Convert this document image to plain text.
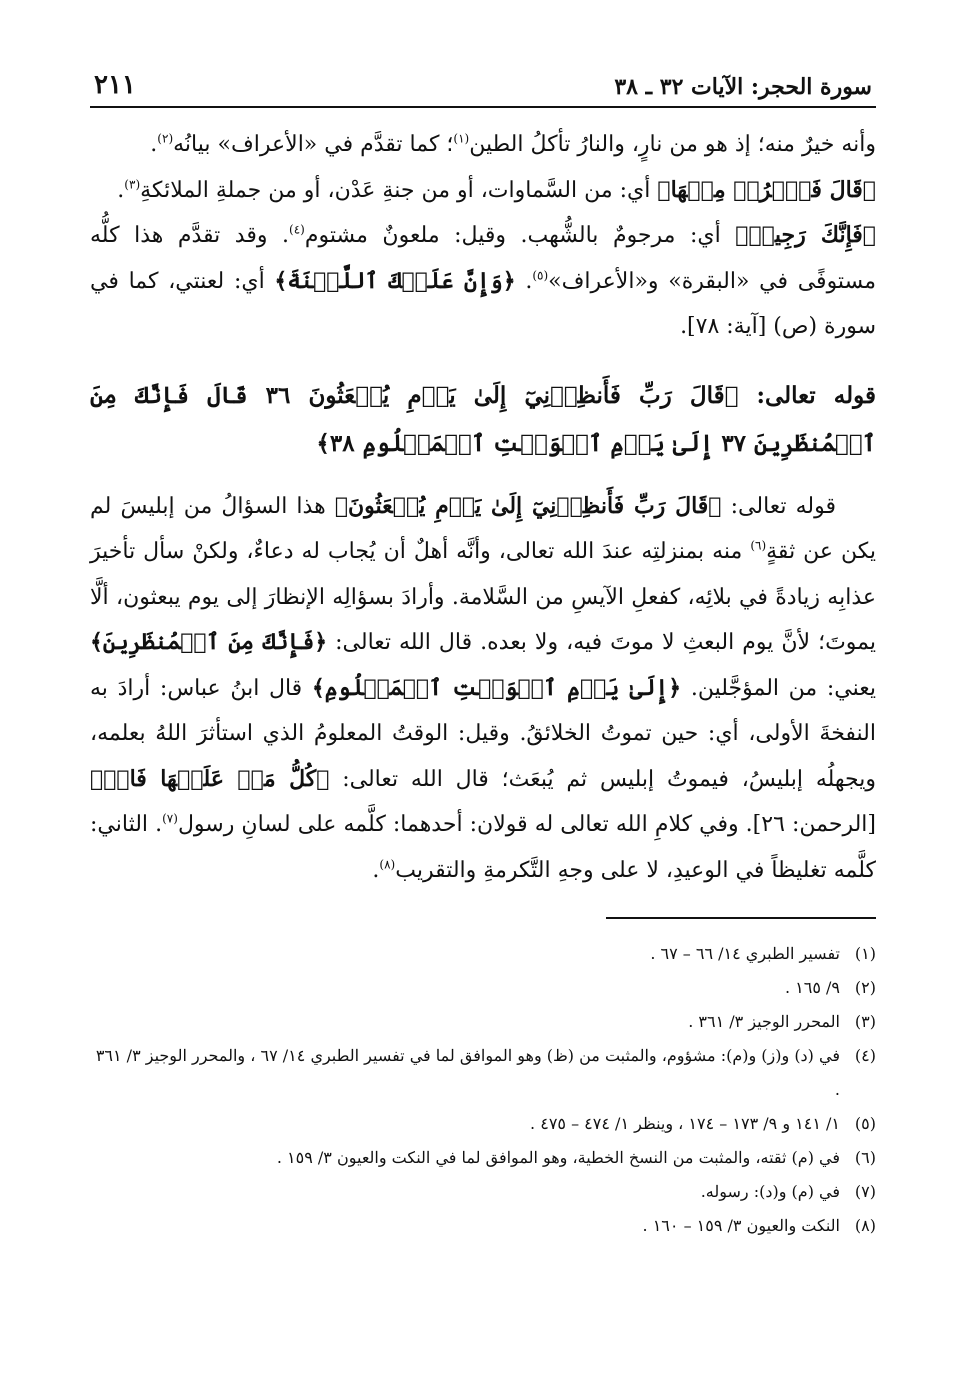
سورة الحجر: الآيات ٣٢ ـ ٣٨
٢١١

وأنه خيرٌ منه؛ إذ هو من نارٍ، والنارُ تأكلُ الطين$^{(١)}$؛ كما تقدَّم في «الأعراف» بيانُه$^{(٢)}$.

﴿قَالَ فَٱخۡرُجۡ مِنۡهَا﴾ أي: من السَّماوات، أو من جنةِ عَدْن، أو من جملةِ الملائكةِ$^{(٣)}$.

﴿فَإِنَّكَ رَجِيمٞ﴾ أي: مرجومٌ بالشُّهب. وقيل: ملعونٌ مشتوم$^{(٤)}$. وقد تقدَّم هذا كلُّه مستوفًى في «البقرة» و«الأعراف»$^{(٥)}$. ﴿وَإِنَّ عَلَيۡكَ ٱللَّعۡنَةَ﴾ أي: لعنتي، كما في سورة (ص) [آية: ٧٨].

قوله تعالى: ﴿قَالَ رَبِّ فَأَنظِرۡنِيٓ إِلَىٰ يَوۡمِ يُبۡعَثُونَ ٣٦ قَالَ فَإِنَّكَ مِنَ ٱلۡمُنظَرِينَ ٣٧ إِلَىٰ يَوۡمِ ٱلۡوَقۡتِ ٱلۡمَعۡلُومِ ٣٨﴾

قوله تعالى: ﴿قَالَ رَبِّ فَأَنظِرۡنِيٓ إِلَىٰ يَوۡمِ يُبۡعَثُونَ﴾ هذا السؤالُ من إبليسَ لم يكن عن ثقةٍ$^{(٦)}$ منه بمنزلتِه عندَ الله تعالى، وأنَّه أهلٌ أن يُجاب له دعاءٌ، ولكنْ سأل تأخيرَ عذابِه زيادةً في بلائِه، كفعلِ الآيسِ من السَّلامة. وأرادَ بسؤالِه الإنظارَ إلى يوم يبعثون، ألَّا يموتَ؛ لأنَّ يوم البعثِ لا موتَ فيه، ولا بعده. قال الله تعالى: ﴿فَإِنَّكَ مِنَ ٱلۡمُنظَرِينَ﴾ يعني: من المؤجَّلين. ﴿إِلَىٰ يَوۡمِ ٱلۡوَقۡتِ ٱلۡمَعۡلُومِ﴾ قال ابنُ عباس: أرادَ به النفخةَ الأولى، أي: حين تموتُ الخلائقُ. وقيل: الوقتُ المعلومُ الذي استأثرَ اللهُ بعلمه، ويجهلُه إبليسُ، فيموتُ إبليس ثم يُبعَث؛ قال الله تعالى: ﴿كُلُّ مَنۡ عَلَيۡهَا فَانٖ﴾ [الرحمن: ٢٦]. وفي كلامِ الله تعالى له قولان: أحدهما: كلَّمه على لسانِ رسول$^{(٧)}$. الثاني: كلَّمه تغليظاً في الوعيدِ، لا على وجهِ التَّكرمةِ والتقريب$^{(٨)}$.

(١)
تفسير الطبري ١٤/ ٦٦ – ٦٧ .
(٢)
٩/ ١٦٥ .
(٣)
المحرر الوجيز ٣/ ٣٦١ .
(٤)
في (د) و(ز) و(م): مشؤوم، والمثبت من (ظ) وهو الموافق لما في تفسير الطبري ١٤/ ٦٧ ، والمحرر الوجيز ٣/ ٣٦١ .
(٥)
١/ ١٤١ و ٩/ ١٧٣ – ١٧٤ ، وينظر ١/ ٤٧٤ – ٤٧٥ .
(٦)
في (م) ثقته، والمثبت من النسخ الخطية، وهو الموافق لما في النكت والعيون ٣/ ١٥٩ .
(٧)
في (م) و(د): رسوله.
(٨)
النكت والعيون ٣/ ١٥٩ – ١٦٠ .
